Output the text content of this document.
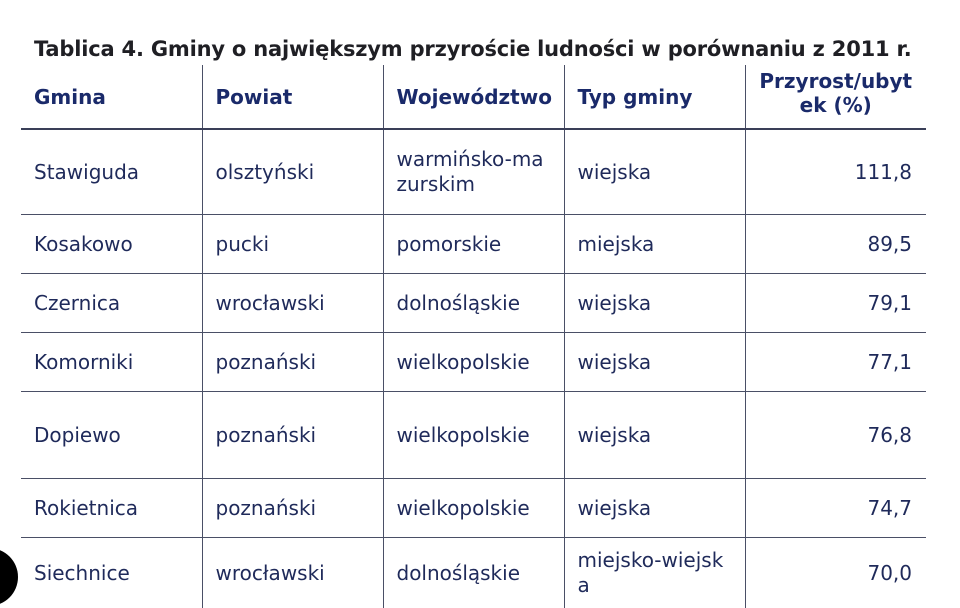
Tablica 4. Gminy o największym przyroście ludności w porównaniu z 2011 r.
Gmina	Powiat	Województwo	Typ gminy	Przyrost/ubytek (%)
Stawiguda	olsztyński	warmińsko-mazurskim	wiejska	111,8
Kosakowo	pucki	pomorskie	miejska	89,5
Czernica	wrocławski	dolnośląskie	wiejska	79,1
Komorniki	poznański	wielkopolskie	wiejska	77,1
Dopiewo	poznański	wielkopolskie	wiejska	76,8
Rokietnica	poznański	wielkopolskie	wiejska	74,7
Siechnice	wrocławski	dolnośląskie	miejsko-wiejska	70,0
